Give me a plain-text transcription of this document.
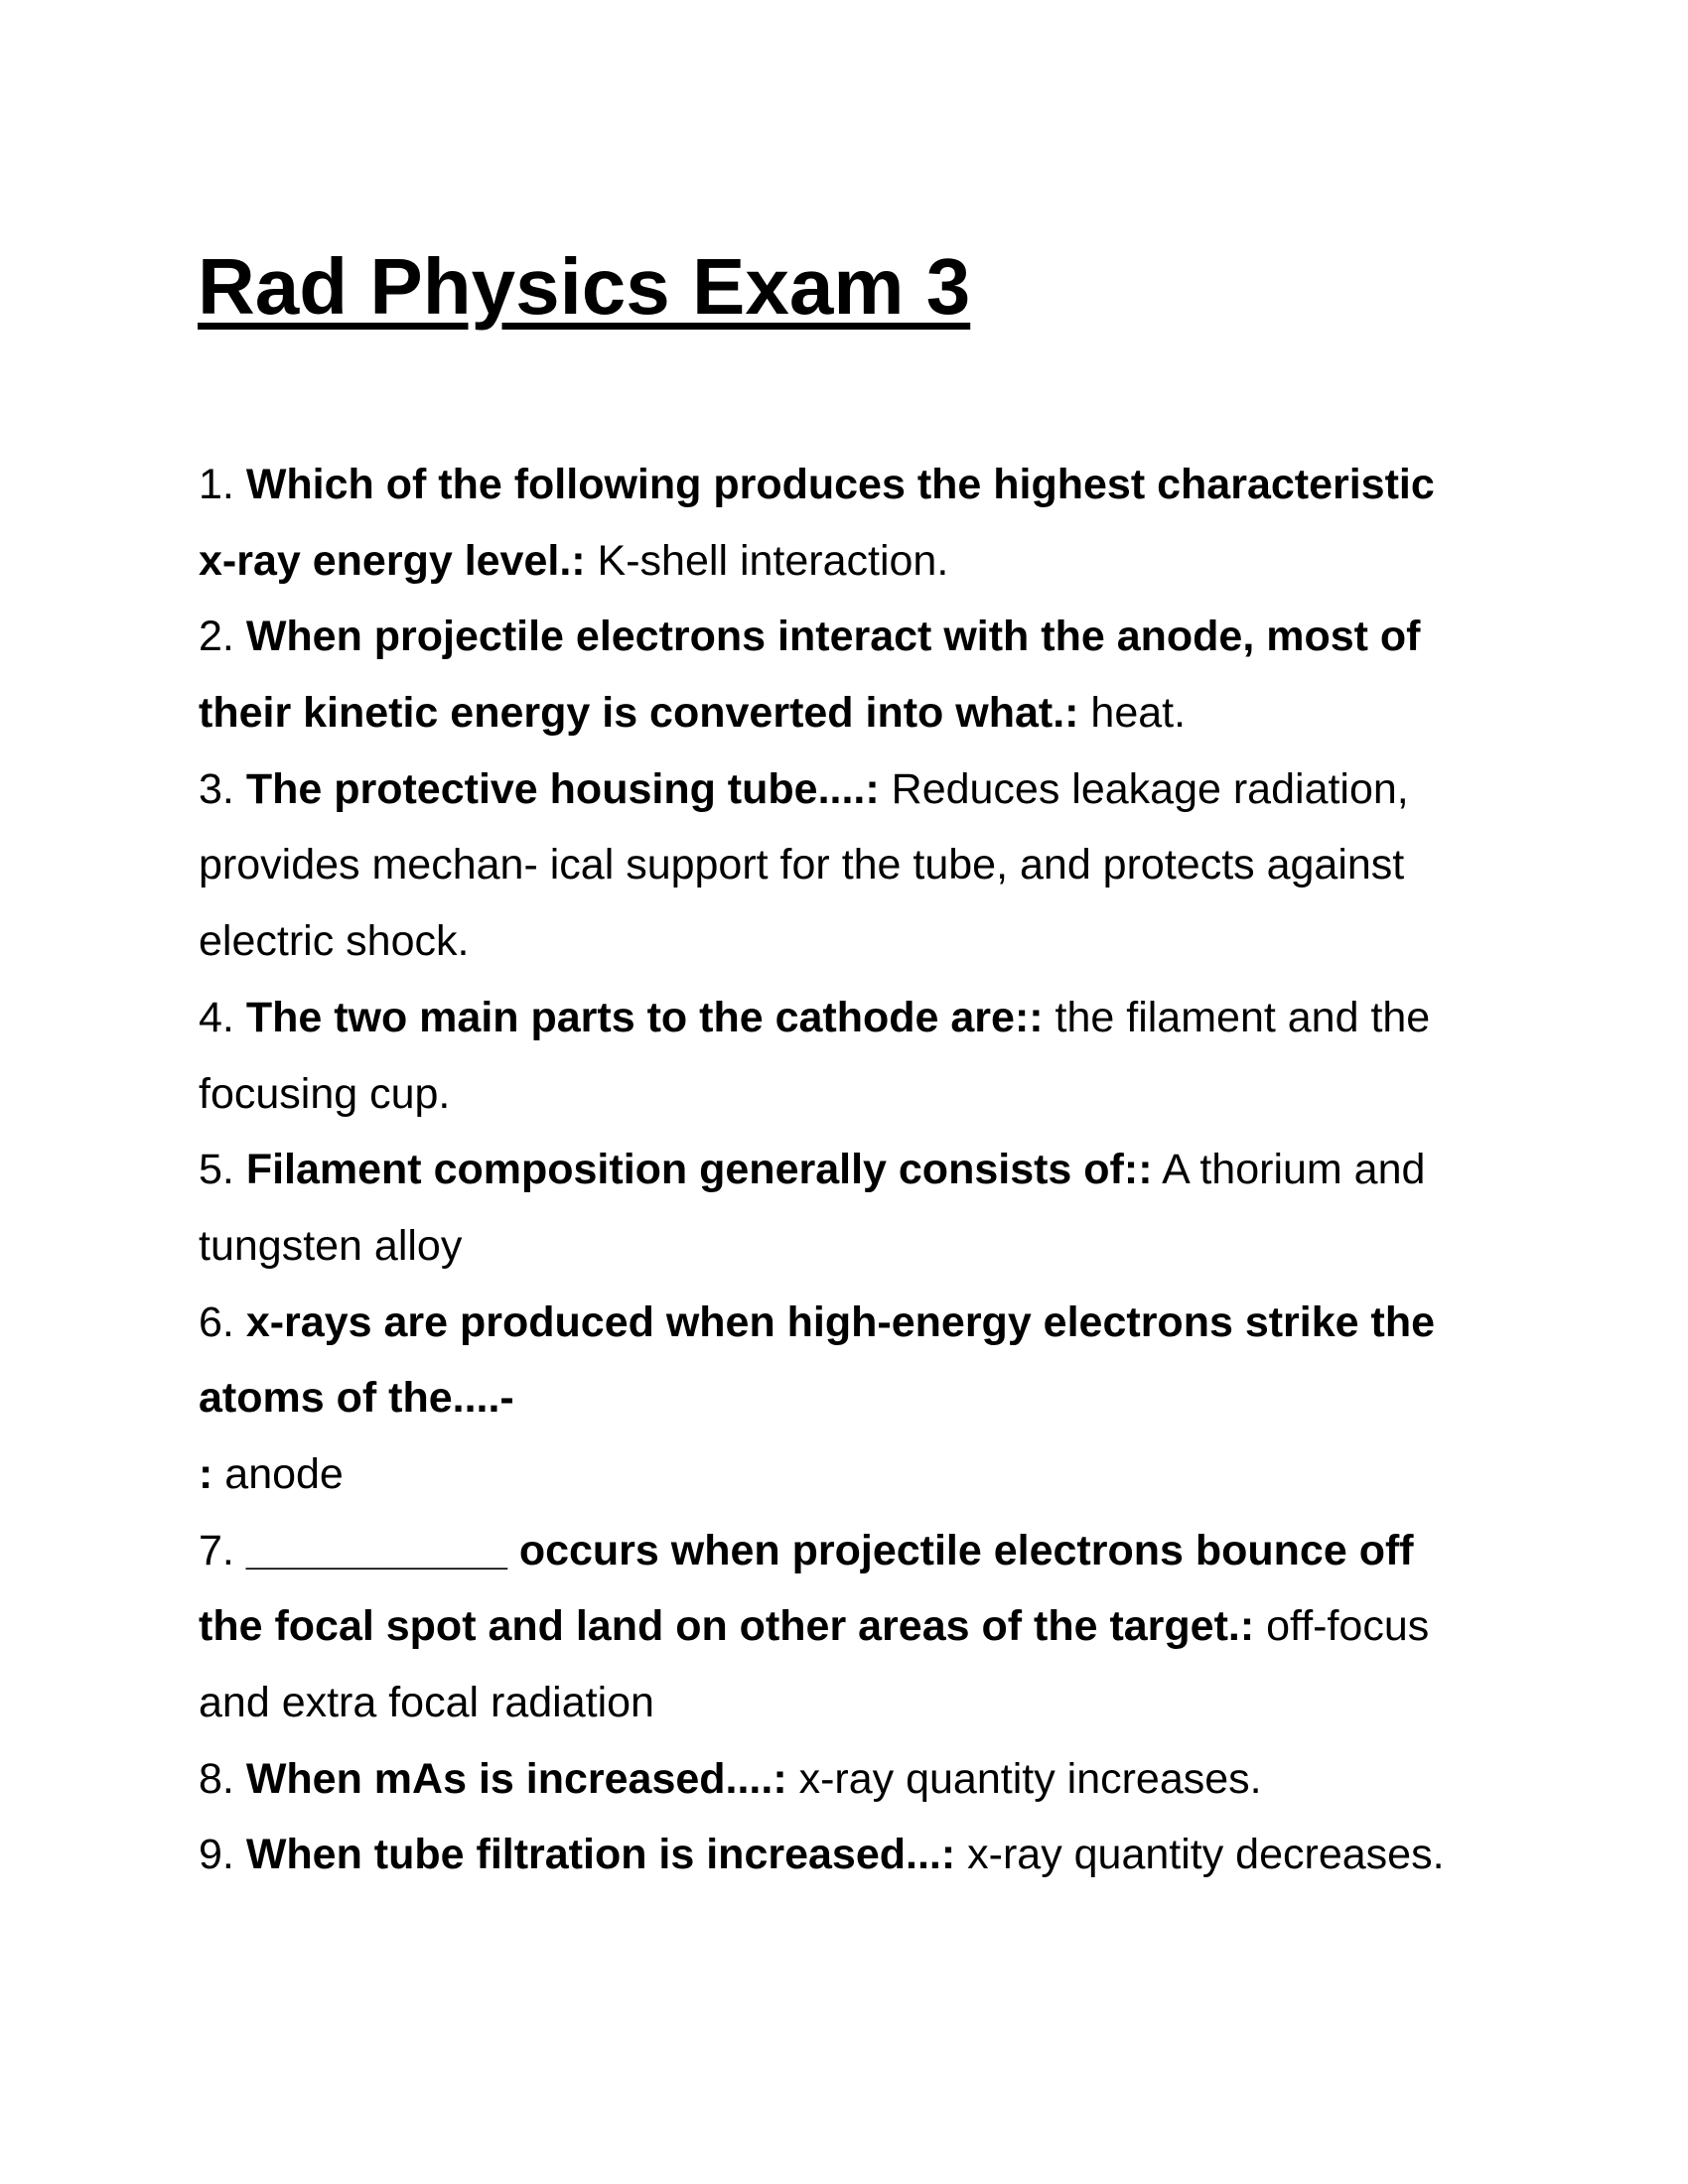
Rad Physics Exam 3
1. Which of the following produces the highest characteristic
x-ray energy level.: K-shell interaction.
2. When projectile electrons interact with the anode, most of
their kinetic energy is converted into what.: heat.
3. The protective housing tube....: Reduces leakage radiation,
provides mechan- ical support for the tube, and protects against
electric shock.
4. The two main parts to the cathode are:: the filament and the
focusing cup.
5. Filament composition generally consists of:: A thorium and
tungsten alloy
6. x-rays are produced when high-energy electrons strike the
atoms of the....-
: anode
7. ___________ occurs when projectile electrons bounce off
the focal spot and land on other areas of the target.: off-focus
and extra focal radiation
8. When mAs is increased....: x-ray quantity increases.
9. When tube filtration is increased...: x-ray quantity decreases.
